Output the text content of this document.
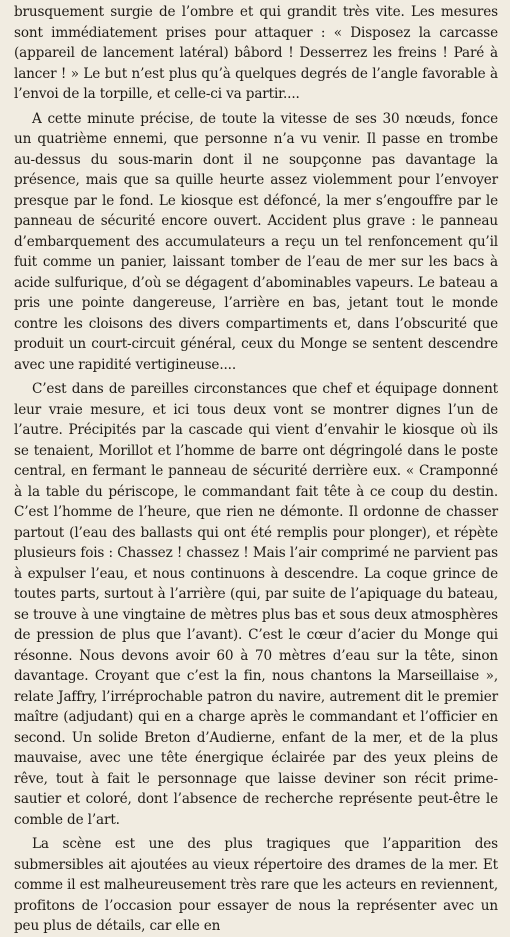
brusquement surgie de l’ombre et qui grandit très vite. Les mesures sont immédiatement prises pour attaquer : « Disposez la carcasse (appareil de lancement latéral) bâbord ! Desserrez les freins ! Paré à lancer ! » Le but n’est plus qu’à quelques degrés de l’angle favorable à l’envoi de la torpille, et celle-ci va partir....

A cette minute précise, de toute la vitesse de ses 30 nœuds, fonce un quatrième ennemi, que personne n’a vu venir. Il passe en trombe au-dessus du sous-marin dont il ne soupçonne pas davantage la présence, mais que sa quille heurte assez violemment pour l’envoyer presque par le fond. Le kiosque est défoncé, la mer s’engouffre par le panneau de sécurité encore ouvert. Accident plus grave : le panneau d’embarquement des accumulateurs a reçu un tel renfoncement qu’il fuit comme un panier, laissant tomber de l’eau de mer sur les bacs à acide sulfurique, d’où se dégagent d’abominables vapeurs. Le bateau a pris une pointe dangereuse, l’arrière en bas, jetant tout le monde contre les cloisons des divers compartiments et, dans l’obscurité que produit un court-circuit général, ceux du Monge se sentent descendre avec une rapidité vertigineuse....

C’est dans de pareilles circonstances que chef et équipage donnent leur vraie mesure, et ici tous deux vont se montrer dignes l’un de l’autre. Précipités par la cascade qui vient d’envahir le kiosque où ils se tenaient, Morillot et l’homme de barre ont dégringolé dans le poste central, en fermant le panneau de sécurité derrière eux. « Cramponné à la table du périscope, le commandant fait tête à ce coup du destin. C’est l’homme de l’heure, que rien ne démonte. Il ordonne de chasser partout (l’eau des ballasts qui ont été remplis pour plonger), et répète plusieurs fois : Chassez ! chassez ! Mais l’air comprimé ne parvient pas à expulser l’eau, et nous continuons à descendre. La coque grince de toutes parts, surtout à l’arrière (qui, par suite de l’apiquage du bateau, se trouve à une vingtaine de mètres plus bas et sous deux atmosphères de pression de plus que l’avant). C’est le cœur d’acier du Monge qui résonne. Nous devons avoir 60 à 70 mètres d’eau sur la tête, sinon davantage. Croyant que c’est la fin, nous chantons la Marseillaise », relate Jaffry, l’irréprochable patron du navire, autrement dit le premier maître (adjudant) qui en a charge après le commandant et l’officier en second. Un solide Breton d’Audierne, enfant de la mer, et de la plus mauvaise, avec une tête énergique éclairée par des yeux pleins de rêve, tout à fait le personnage que laisse deviner son récit prime-sautier et coloré, dont l’absence de recherche représente peut-être le comble de l’art.

La scène est une des plus tragiques que l’apparition des submersibles ait ajoutées au vieux répertoire des drames de la mer. Et comme il est malheureusement très rare que les acteurs en reviennent, profitons de l’occasion pour essayer de nous la représenter avec un peu plus de détails, car elle en
